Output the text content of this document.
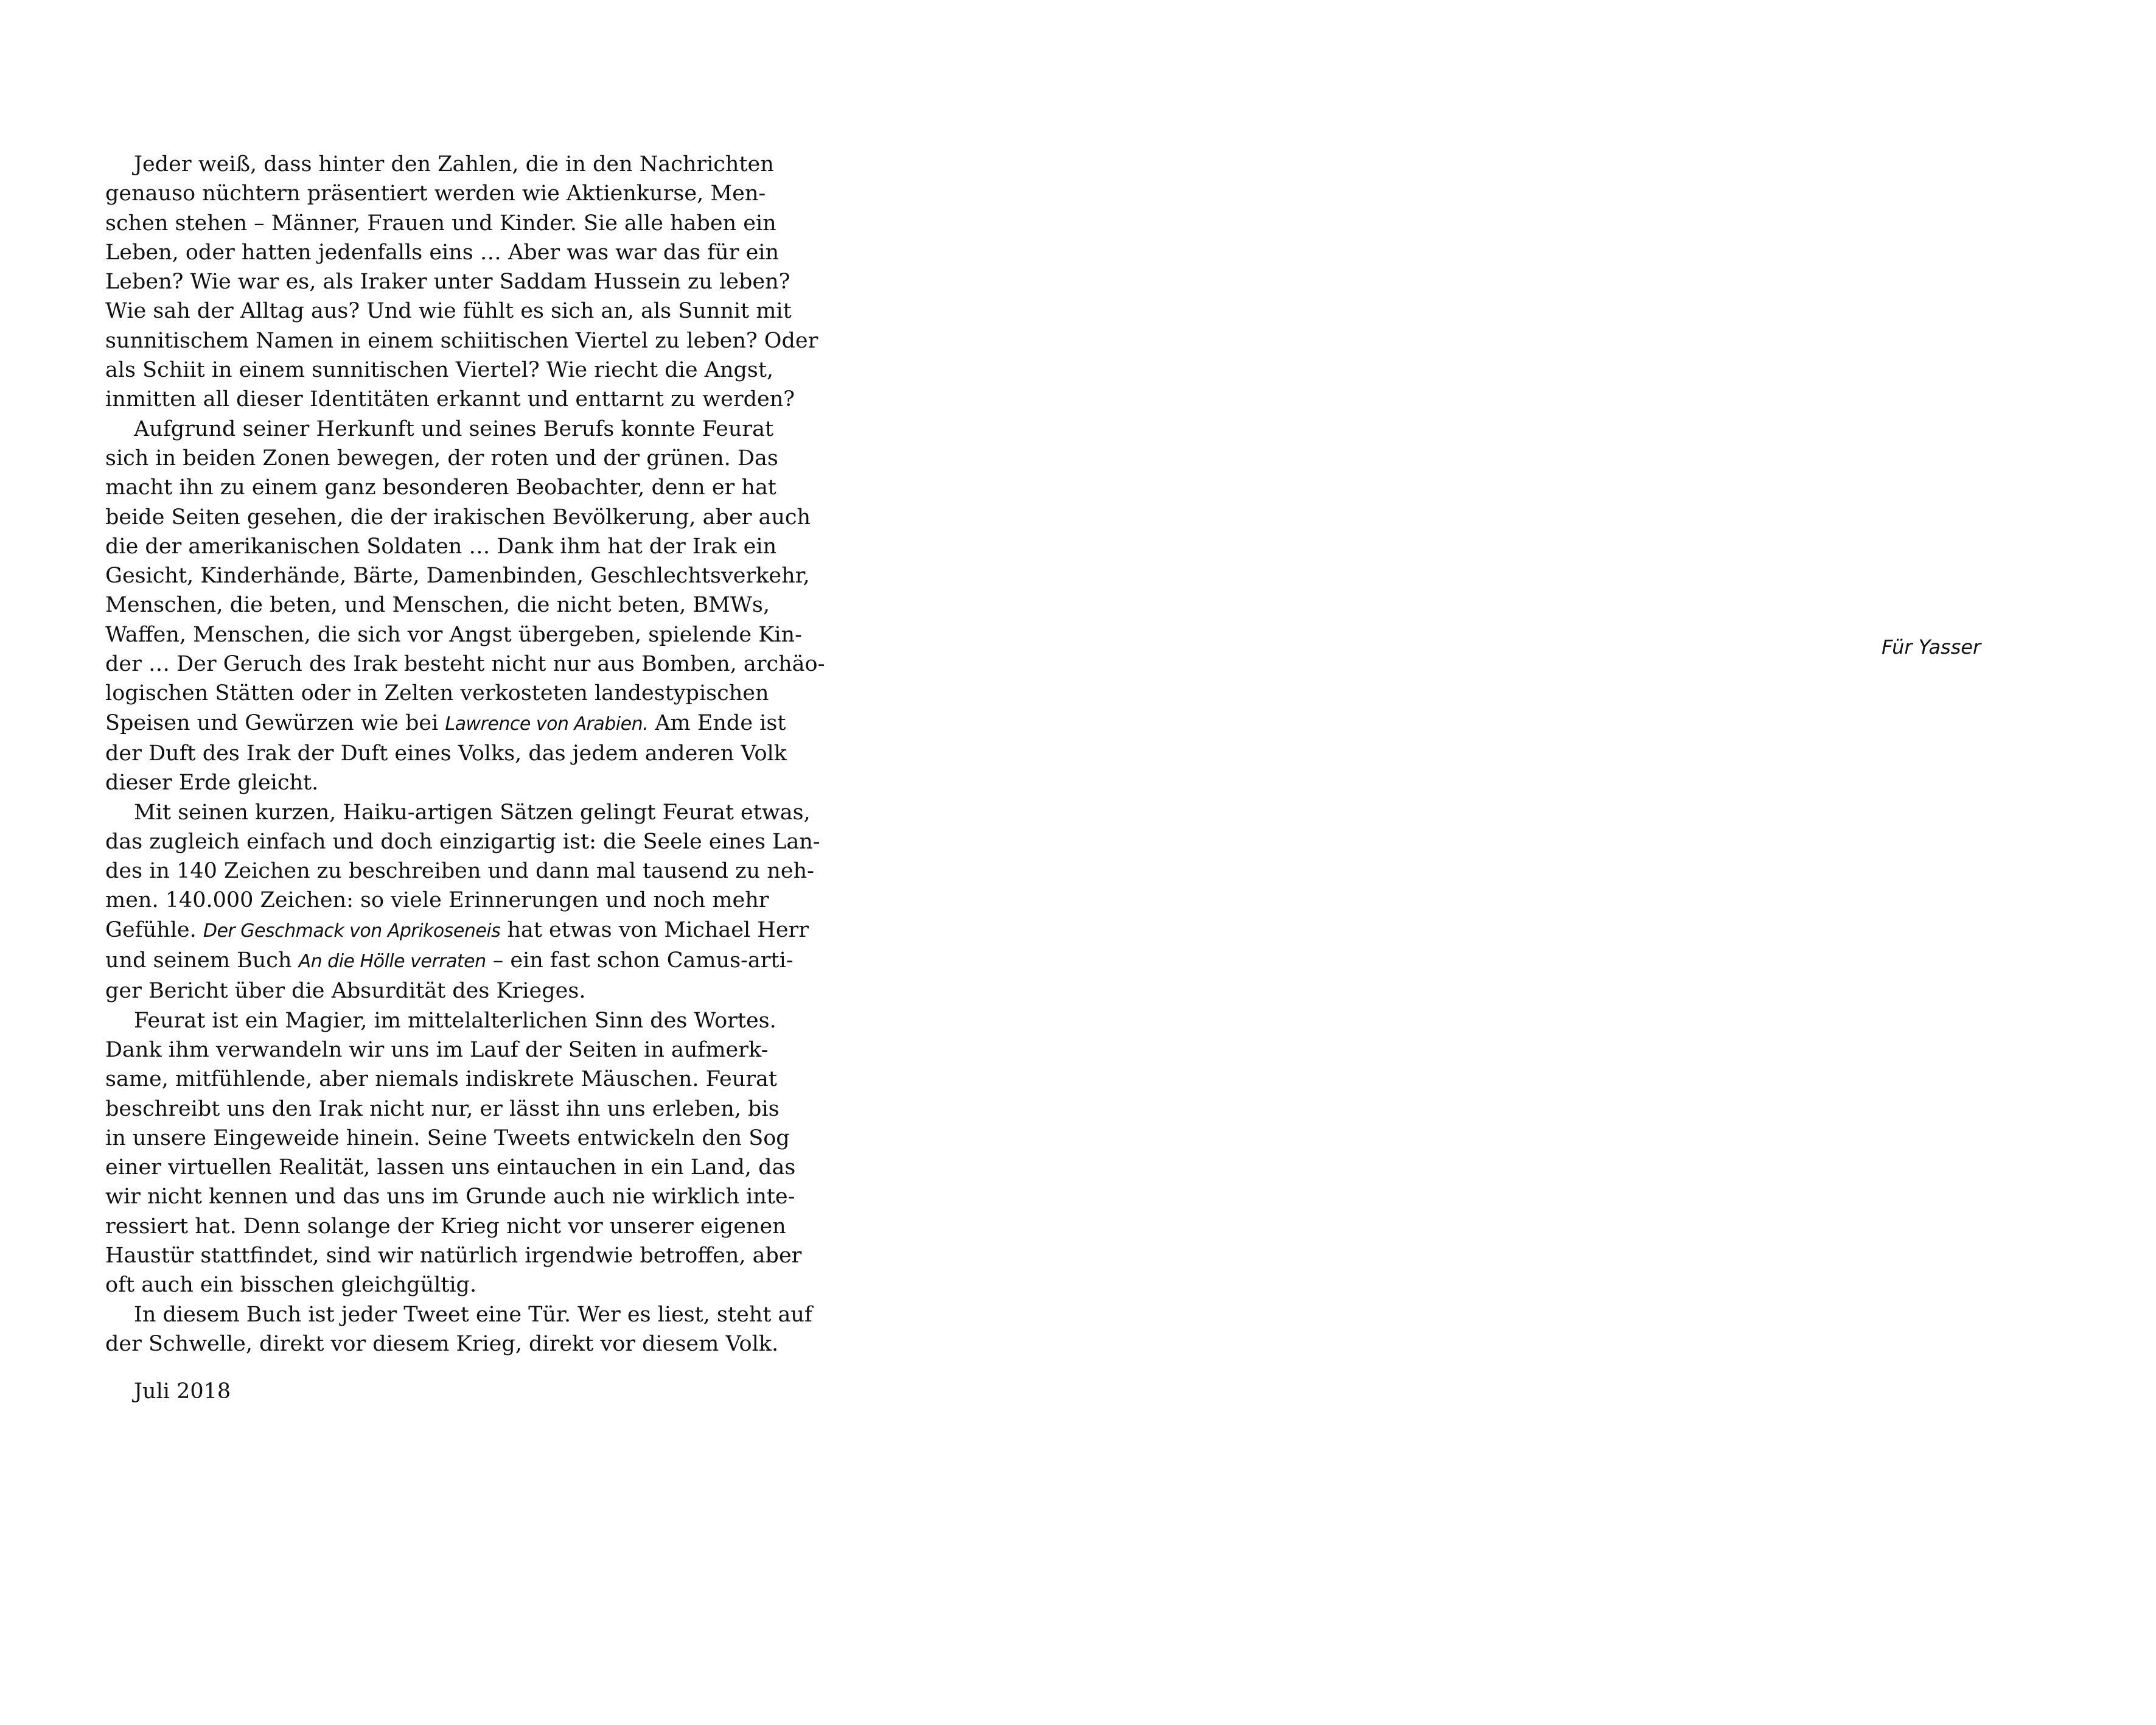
Jeder weiß, dass hinter den Zahlen, die in den Nachrichten
genauso nüchtern präsentiert werden wie Aktienkurse, Men-
schen stehen – Männer, Frauen und Kinder. Sie alle haben ein
Leben, oder hatten jedenfalls eins … Aber was war das für ein
Leben? Wie war es, als Iraker unter Saddam Hussein zu leben?
Wie sah der Alltag aus? Und wie fühlt es sich an, als Sunnit mit
sunnitischem Namen in einem schiitischen Viertel zu leben? Oder
als Schiit in einem sunnitischen Viertel? Wie riecht die Angst,
inmitten all dieser Identitäten erkannt und enttarnt zu werden?
Aufgrund seiner Herkunft und seines Berufs konnte Feurat
sich in beiden Zonen bewegen, der roten und der grünen. Das
macht ihn zu einem ganz besonderen Beobachter, denn er hat
beide Seiten gesehen, die der irakischen Bevölkerung, aber auch
die der amerikanischen Soldaten … Dank ihm hat der Irak ein
Gesicht, Kinderhände, Bärte, Damenbinden, Geschlechtsverkehr,
Menschen, die beten, und Menschen, die nicht beten, BMWs,
Waffen, Menschen, die sich vor Angst übergeben, spielende Kin-
der … Der Geruch des Irak besteht nicht nur aus Bomben, archäo-
logischen Stätten oder in Zelten verkosteten landestypischen
Speisen und Gewürzen wie bei Lawrence von Arabien. Am Ende ist
der Duft des Irak der Duft eines Volks, das jedem anderen Volk
dieser Erde gleicht.
Mit seinen kurzen, Haiku-artigen Sätzen gelingt Feurat etwas,
das zugleich einfach und doch einzigartig ist: die Seele eines Lan-
des in 140 Zeichen zu beschreiben und dann mal tausend zu neh-
men. 140.000 Zeichen: so viele Erinnerungen und noch mehr
Gefühle. Der Geschmack von Aprikoseneis hat etwas von Michael Herr
und seinem Buch An die Hölle verraten – ein fast schon Camus-arti-
ger Bericht über die Absurdität des Krieges.
Feurat ist ein Magier, im mittelalterlichen Sinn des Wortes.
Dank ihm verwandeln wir uns im Lauf der Seiten in aufmerk-
same, mitfühlende, aber niemals indiskrete Mäuschen. Feurat
beschreibt uns den Irak nicht nur, er lässt ihn uns erleben, bis
in unsere Eingeweide hinein. Seine Tweets entwickeln den Sog
einer virtuellen Realität, lassen uns eintauchen in ein Land, das
wir nicht kennen und das uns im Grunde auch nie wirklich inte-
ressiert hat. Denn solange der Krieg nicht vor unserer eigenen
Haustür stattfindet, sind wir natürlich irgendwie betroffen, aber
oft auch ein bisschen gleichgültig.
In diesem Buch ist jeder Tweet eine Tür. Wer es liest, steht auf
der Schwelle, direkt vor diesem Krieg, direkt vor diesem Volk.
Juli 2018
Für Yasser
